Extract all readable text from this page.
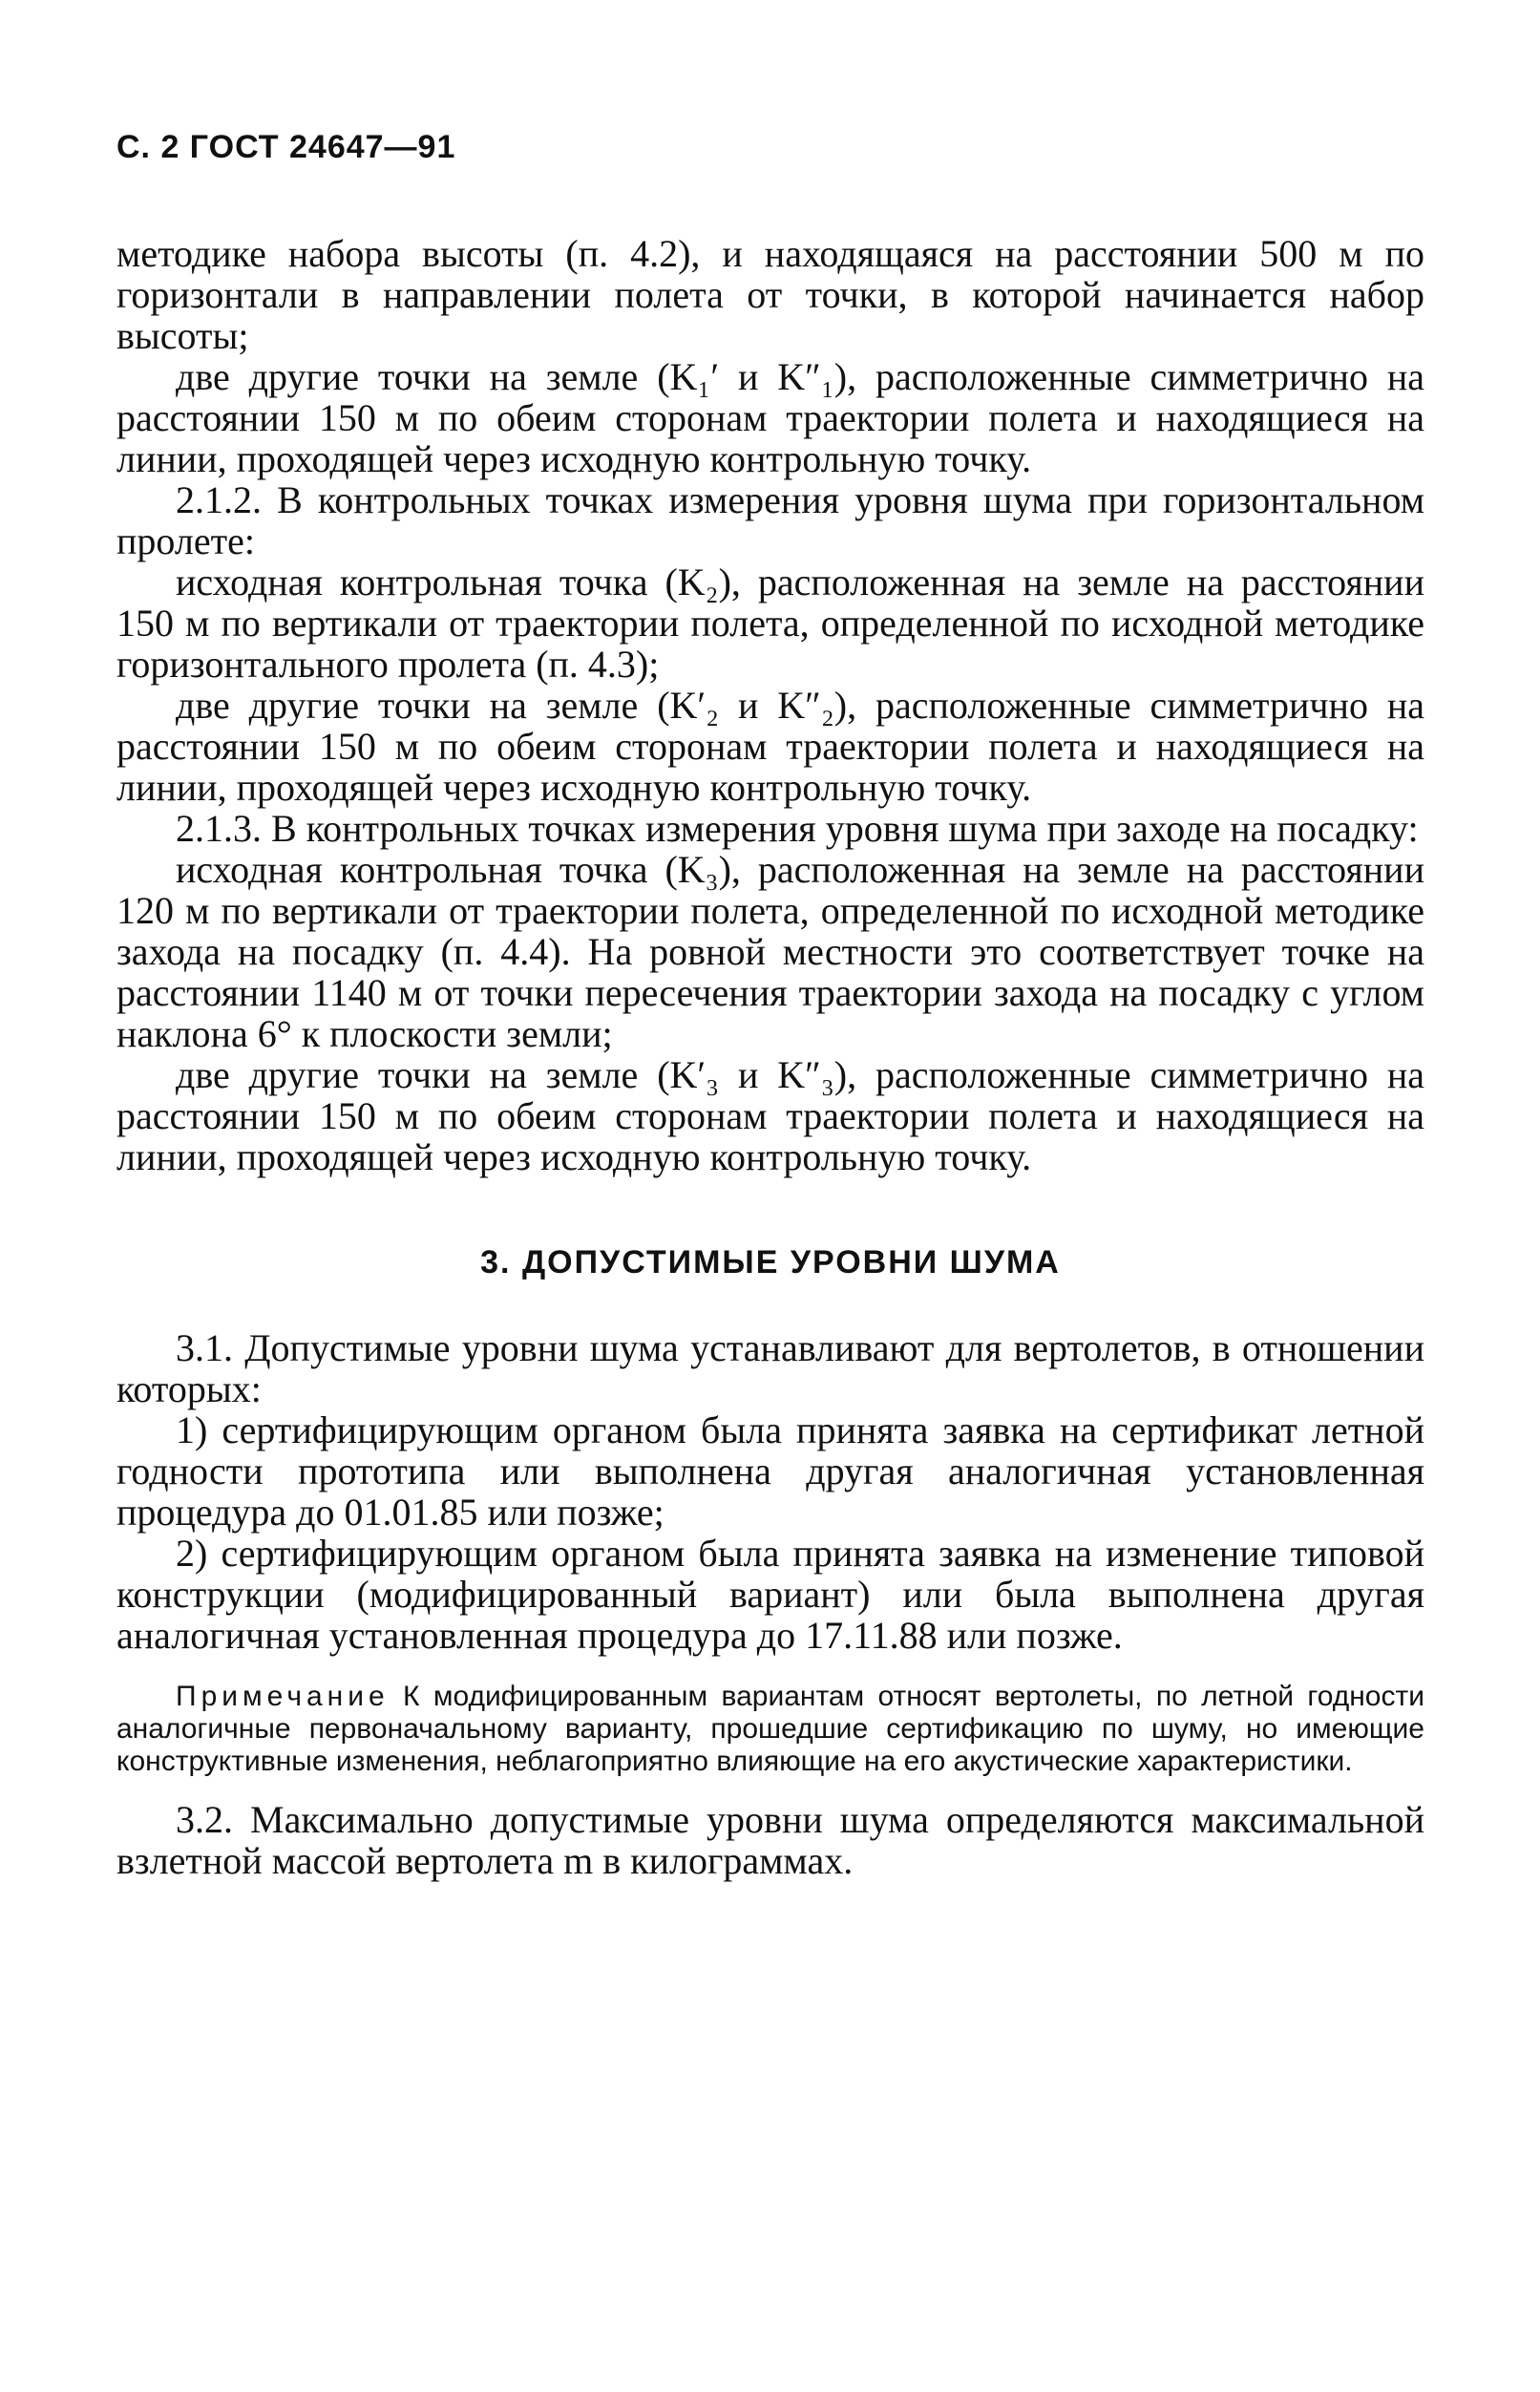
С. 2 ГОСТ 24647—91

методике набора высоты (п. 4.2), и находящаяся на расстоянии 500 м по горизонтали в направлении полета от точки, в которой начинается набор высоты;

две другие точки на земле (K₁′ и K″₁), расположенные симметрично на расстоянии 150 м по обеим сторонам траектории полета и находящиеся на линии, проходящей через исходную контрольную точку.

2.1.2. В контрольных точках измерения уровня шума при горизонтальном пролете:

исходная контрольная точка (K₂), расположенная на земле на расстоянии 150 м по вертикали от траектории полета, определенной по исходной методике горизонтального пролета (п. 4.3);

две другие точки на земле (K′₂ и K″₂), расположенные симметрично на расстоянии 150 м по обеим сторонам траектории полета и находящиеся на линии, проходящей через исходную контрольную точку.

2.1.3. В контрольных точках измерения уровня шума при заходе на посадку:

исходная контрольная точка (K₃), расположенная на земле на расстоянии 120 м по вертикали от траектории полета, определенной по исходной методике захода на посадку (п. 4.4). На ровной местности это соответствует точке на расстоянии 1140 м от точки пересечения траектории захода на посадку с углом наклона 6° к плоскости земли;

две другие точки на земле (K′₃ и K″₃), расположенные симметрично на расстоянии 150 м по обеим сторонам траектории полета и находящиеся на линии, проходящей через исходную контрольную точку.

3. ДОПУСТИМЫЕ УРОВНИ ШУМА

3.1. Допустимые уровни шума устанавливают для вертолетов, в отношении которых:

1) сертифицирующим органом была принята заявка на сертификат летной годности прототипа или выполнена другая аналогичная установленная процедура до 01.01.85 или позже;

2) сертифицирующим органом была принята заявка на изменение типовой конструкции (модифицированный вариант) или была выполнена другая аналогичная установленная процедура до 17.11.88 или позже.

Примечание К модифицированным вариантам относят вертолеты, по летной годности аналогичные первоначальному варианту, прошедшие сертификацию по шуму, но имеющие конструктивные изменения, неблагоприятно влияющие на его акустические характеристики.

3.2. Максимально допустимые уровни шума определяются максимальной взлетной массой вертолета m в килограммах.
